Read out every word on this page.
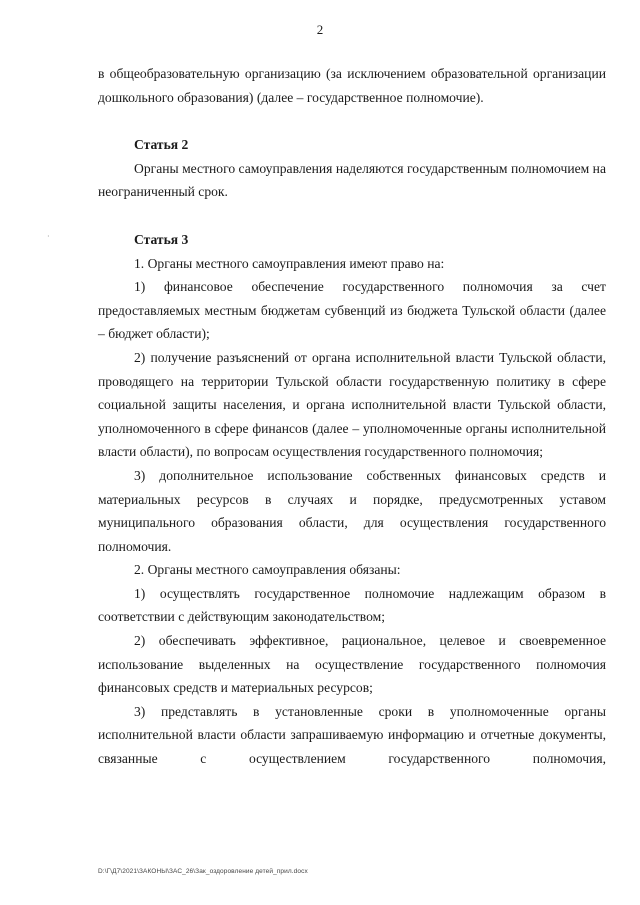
2
·

в общеобразовательную организацию (за исключением образовательной организации дошкольного образования) (далее – государственное полномочие).

Статья 2

Органы местного самоуправления наделяются государственным полномочием на неограниченный срок.

Статья 3

1. Органы местного самоуправления имеют право на:

1) финансовое обеспечение государственного полномочия за счет предоставляемых местным бюджетам субвенций из бюджета Тульской области (далее – бюджет области);

2) получение разъяснений от органа исполнительной власти Тульской области, проводящего на территории Тульской области государственную политику в сфере социальной защиты населения, и органа исполнительной власти Тульской области, уполномоченного в сфере финансов (далее – уполномоченные органы исполнительной власти области), по вопросам осуществления государственного полномочия;

3) дополнительное использование собственных финансовых средств и материальных ресурсов в случаях и порядке, предусмотренных уставом муниципального образования области, для осуществления государственного полномочия.

2. Органы местного самоуправления обязаны:

1) осуществлять государственное полномочие надлежащим образом в соответствии с действующим законодательством;

2) обеспечивать эффективное, рациональное, целевое и своевременное использование выделенных на осуществление государственного полномочия финансовых средств и материальных ресурсов;

3) представлять в установленные сроки в уполномоченные органы исполнительной власти области запрашиваемую информацию и отчетные документы, связанные с осуществлением государственного полномочия,

D:\Г\Д7\2021\ЗАКОНЫ\ЗАС_26\Зак_оздоровление детей_прил.docx
